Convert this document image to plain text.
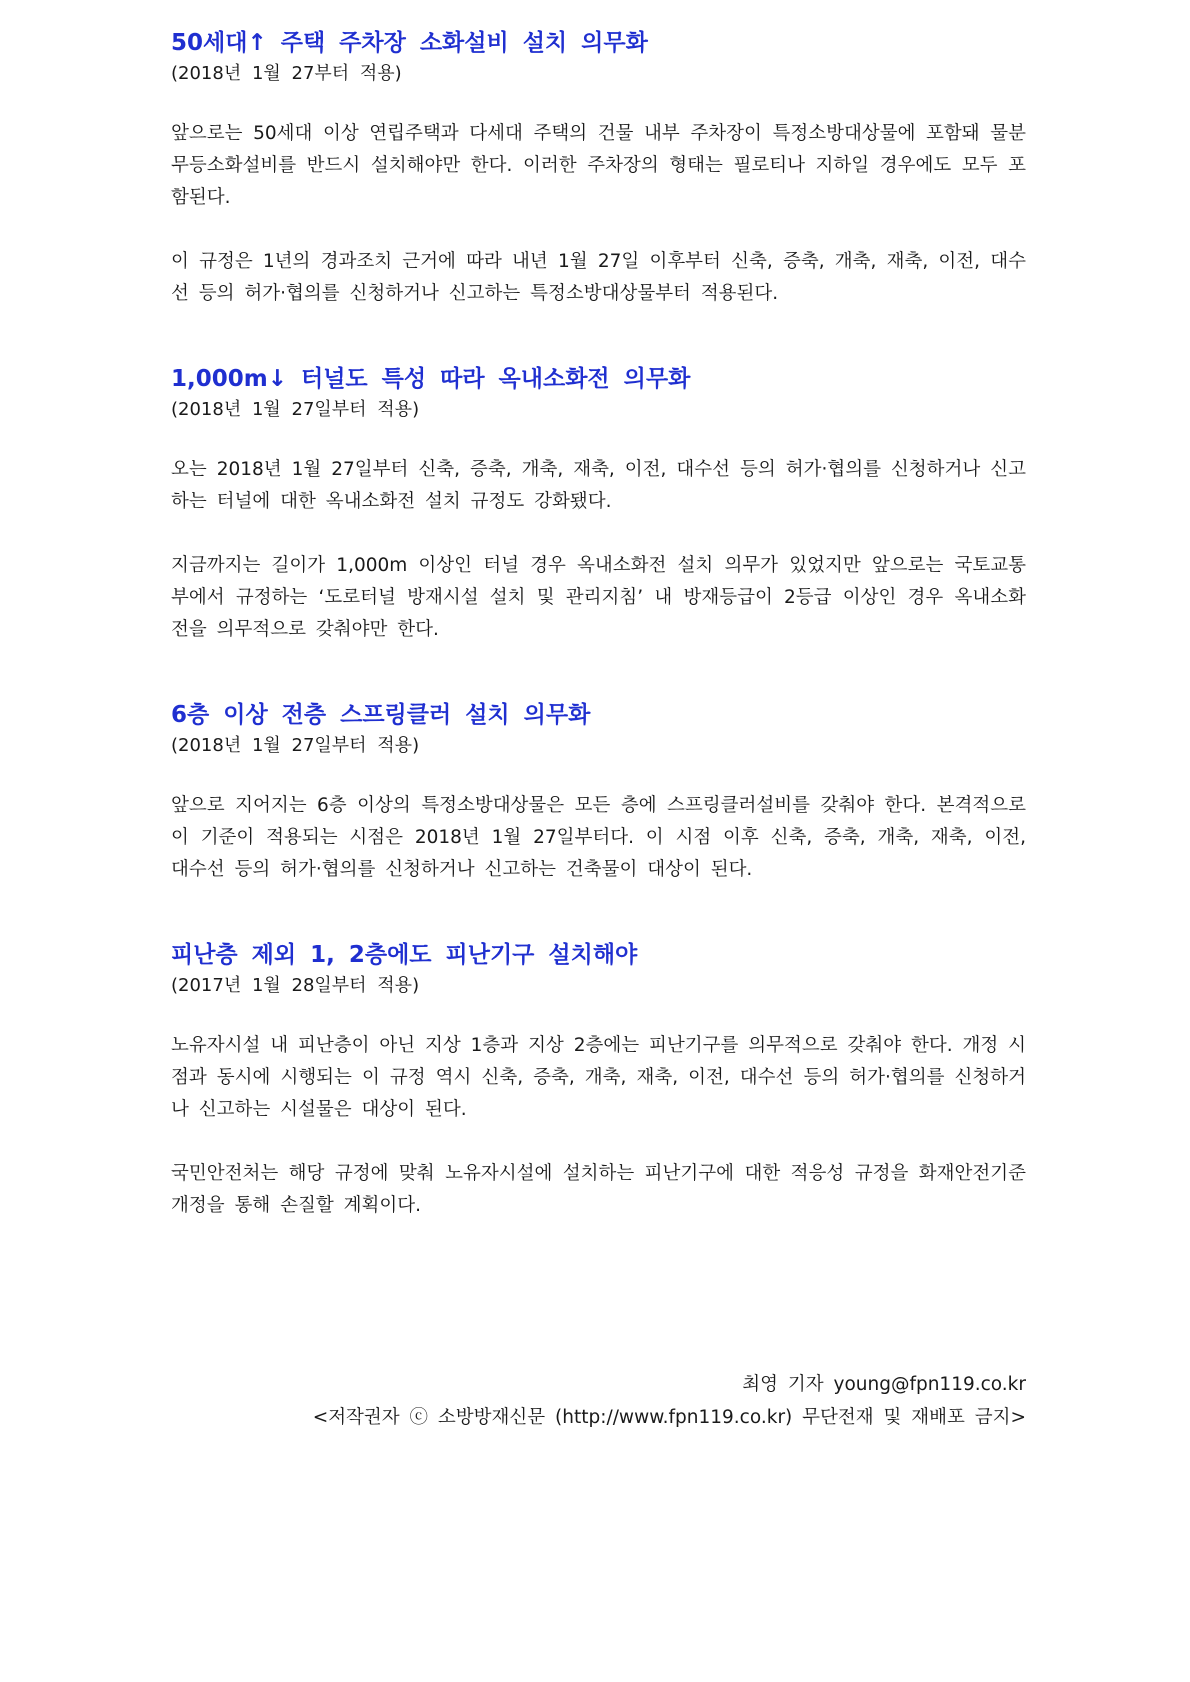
50세대↑ 주택 주차장 소화설비 설치 의무화

(2018년 1월 27부터 적용)

앞으로는 50세대 이상 연립주택과 다세대 주택의 건물 내부 주차장이 특정소방대상물에 포함돼 물분무등소화설비를 반드시 설치해야만 한다. 이러한 주차장의 형태는 필로티나 지하일 경우에도 모두 포함된다.

이 규정은 1년의 경과조치 근거에 따라 내년 1월 27일 이후부터 신축, 증축, 개축, 재축, 이전, 대수선 등의 허가·협의를 신청하거나 신고하는 특정소방대상물부터 적용된다.

1,000m↓ 터널도 특성 따라 옥내소화전 의무화

(2018년 1월 27일부터 적용)

오는 2018년 1월 27일부터 신축, 증축, 개축, 재축, 이전, 대수선 등의 허가·협의를 신청하거나 신고하는 터널에 대한 옥내소화전 설치 규정도 강화됐다.

지금까지는 길이가 1,000m 이상인 터널 경우 옥내소화전 설치 의무가 있었지만 앞으로는 국토교통부에서 규정하는 ‘도로터널 방재시설 설치 및 관리지침’ 내 방재등급이 2등급 이상인 경우 옥내소화전을 의무적으로 갖춰야만 한다.

6층 이상 전층 스프링클러 설치 의무화

(2018년 1월 27일부터 적용)

앞으로 지어지는 6층 이상의 특정소방대상물은 모든 층에 스프링클러설비를 갖춰야 한다. 본격적으로 이 기준이 적용되는 시점은 2018년 1월 27일부터다. 이 시점 이후 신축, 증축, 개축, 재축, 이전, 대수선 등의 허가·협의를 신청하거나 신고하는 건축물이 대상이 된다.

피난층 제외 1, 2층에도 피난기구 설치해야

(2017년 1월 28일부터 적용)

노유자시설 내 피난층이 아닌 지상 1층과 지상 2층에는 피난기구를 의무적으로 갖춰야 한다. 개정 시점과 동시에 시행되는 이 규정 역시 신축, 증축, 개축, 재축, 이전, 대수선 등의 허가·협의를 신청하거나 신고하는 시설물은 대상이 된다.

국민안전처는 해당 규정에 맞춰 노유자시설에 설치하는 피난기구에 대한 적응성 규정을 화재안전기준 개정을 통해 손질할 계획이다.

최영 기자 young@fpn119.co.kr
<저작권자 ⓒ 소방방재신문 (http://www.fpn119.co.kr) 무단전재 및 재배포 금지>
